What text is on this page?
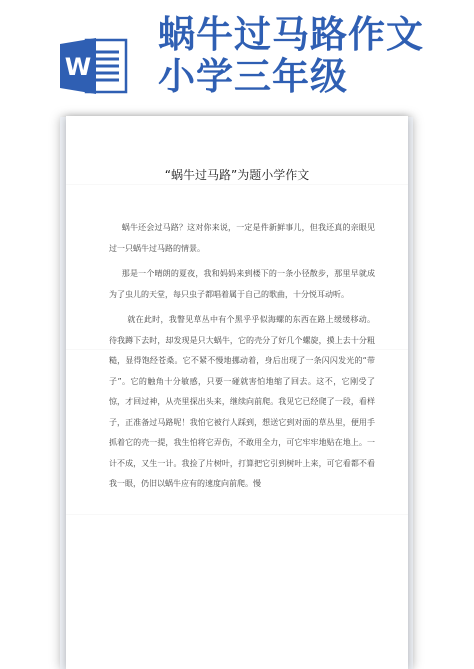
W
蜗牛过马路作文小学三年级
“蜗牛过马路”为题小学作文

蜗牛还会过马路？这对你来说，一定是件新鲜事儿，但我还真的亲眼见过一只蜗牛过马路的情景。

那是一个晴朗的夏夜，我和妈妈来到楼下的一条小径散步，那里早就成为了虫儿的天堂，每只虫子都唱着属于自己的歌曲，十分悦耳动听。

就在此时，我瞥见草丛中有个黑乎乎似海螺的东西在路上缓缓移动。待我蹲下去时，却发现是只大蜗牛，它的壳分了好几个螺旋，摸上去十分粗糙，显得饱经苍桑。它不紧不慢地挪动着，身后出现了一条闪闪发光的“带子”。它的触角十分敏感，只要一碰就害怕地缩了回去。这不，它刚受了惊，才回过神，从壳里探出头来，继续向前爬。我见它已经爬了一段，看样子，正准备过马路呢！我怕它被行人踩到，想送它到对面的草丛里，便用手抓着它的壳一提，我生怕将它弄伤，不敢用全力，可它牢牢地贴在地上。一计不成，又生一计。我捡了片树叶，打算把它引到树叶上来，可它看都不看我一眼，仍旧以蜗牛应有的速度向前爬。慢
